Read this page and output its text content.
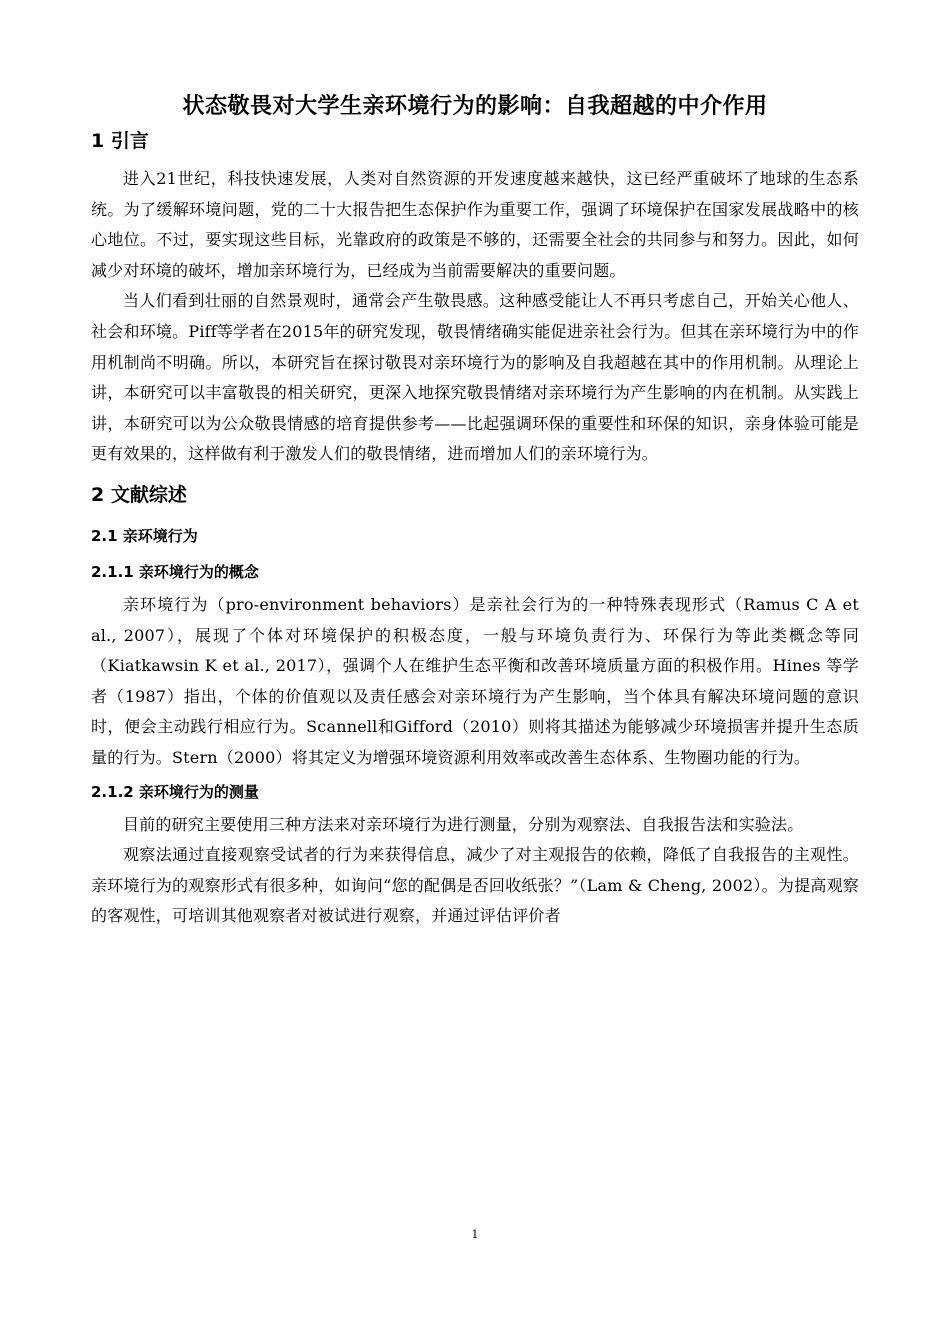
状态敬畏对大学生亲环境行为的影响：自我超越的中介作用
1 引言

进入21世纪，科技快速发展，人类对自然资源的开发速度越来越快，这已经严重破坏了地球的生态系统。为了缓解环境问题，党的二十大报告把生态保护作为重要工作，强调了环境保护在国家发展战略中的核心地位。不过，要实现这些目标，光靠政府的政策是不够的，还需要全社会的共同参与和努力。因此，如何减少对环境的破坏，增加亲环境行为，已经成为当前需要解决的重要问题。

当人们看到壮丽的自然景观时，通常会产生敬畏感。这种感受能让人不再只考虑自己，开始关心他人、社会和环境。Piff等学者在2015年的研究发现，敬畏情绪确实能促进亲社会行为。但其在亲环境行为中的作用机制尚不明确。所以，本研究旨在探讨敬畏对亲环境行为的影响及自我超越在其中的作用机制。从理论上讲，本研究可以丰富敬畏的相关研究，更深入地探究敬畏情绪对亲环境行为产生影响的内在机制。从实践上讲，本研究可以为公众敬畏情感的培育提供参考——比起强调环保的重要性和环保的知识，亲身体验可能是更有效果的，这样做有利于激发人们的敬畏情绪，进而增加人们的亲环境行为。

2 文献综述
2.1 亲环境行为
2.1.1 亲环境行为的概念

亲环境行为（pro-environment behaviors）是亲社会行为的一种特殊表现形式（Ramus C A et al., 2007），展现了个体对环境保护的积极态度，一般与环境负责行为、环保行为等此类概念等同（Kiatkawsin K et al., 2017），强调个人在维护生态平衡和改善环境质量方面的积极作用。Hines 等学者（1987）指出，个体的价值观以及责任感会对亲环境行为产生影响，当个体具有解决环境问题的意识时，便会主动践行相应行为。Scannell和Gifford（2010）则将其描述为能够减少环境损害并提升生态质量的行为。Stern（2000）将其定义为增强环境资源利用效率或改善生态体系、生物圈功能的行为。

2.1.2 亲环境行为的测量

目前的研究主要使用三种方法来对亲环境行为进行测量，分别为观察法、自我报告法和实验法。

观察法通过直接观察受试者的行为来获得信息，减少了对主观报告的依赖，降低了自我报告的主观性。亲环境行为的观察形式有很多种，如询问“您的配偶是否回收纸张？”（Lam & Cheng, 2002）。为提高观察的客观性，可培训其他观察者对被试进行观察，并通过评估评价者

1
